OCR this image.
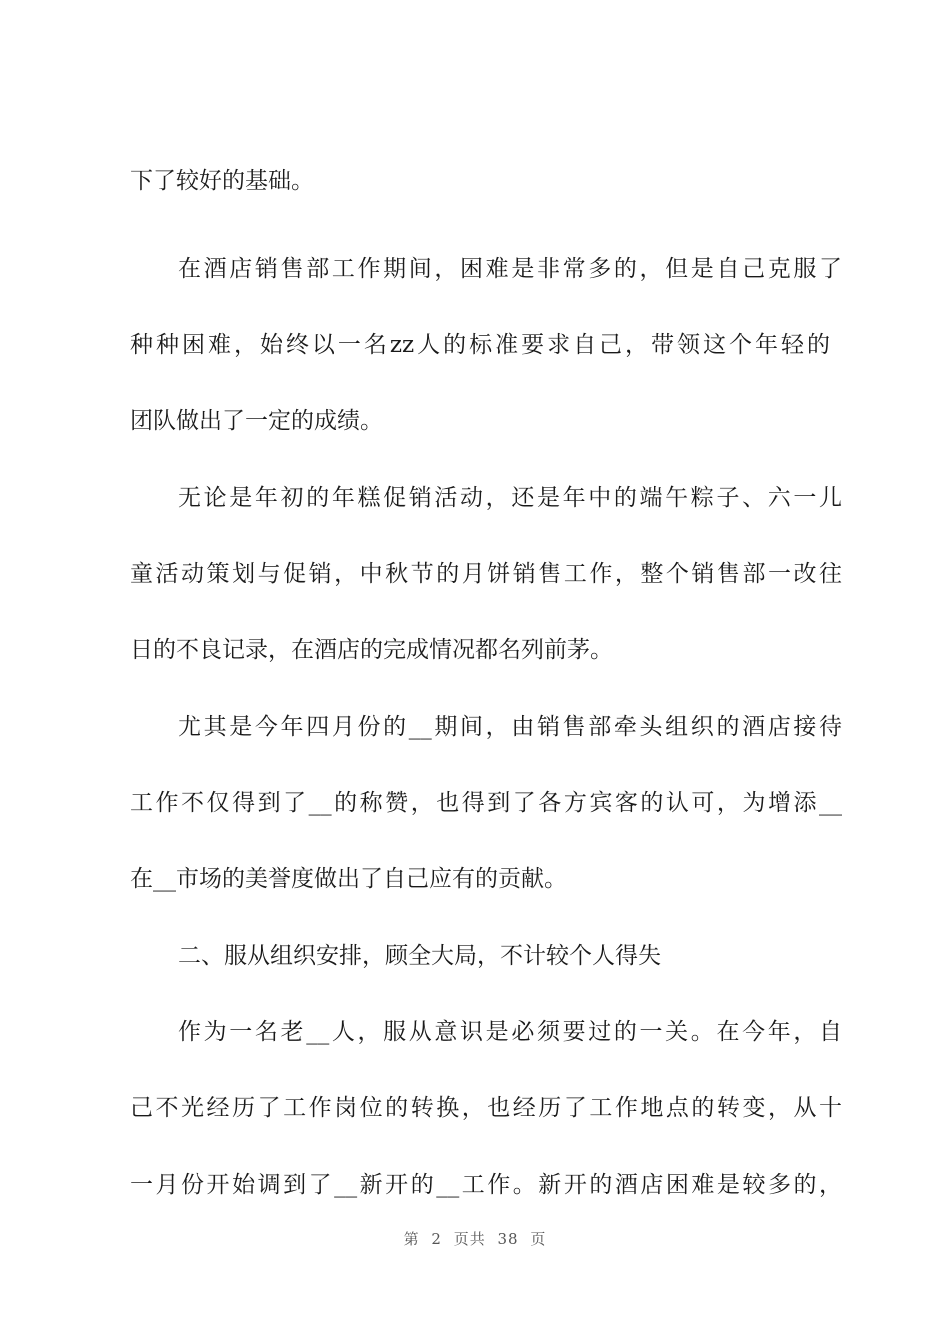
下了较好的基础。
在酒店销售部工作期间，困难是非常多的，但是自己克服了
种种困难，始终以一名zz人的标准要求自己，带领这个年轻的
团队做出了一定的成绩。
无论是年初的年糕促销活动，还是年中的端午粽子、六一儿
童活动策划与促销，中秋节的月饼销售工作，整个销售部一改往
日的不良记录，在酒店的完成情况都名列前茅。
尤其是今年四月份的__期间，由销售部牵头组织的酒店接待
工作不仅得到了__的称赞，也得到了各方宾客的认可，为增添__
在__市场的美誉度做出了自己应有的贡献。
二、服从组织安排，顾全大局，不计较个人得失
作为一名老__人，服从意识是必须要过的一关。在今年，自
己不光经历了工作岗位的转换，也经历了工作地点的转变，从十
一月份开始调到了__新开的__工作。新开的酒店困难是较多的，
第 2 页共 38 页
